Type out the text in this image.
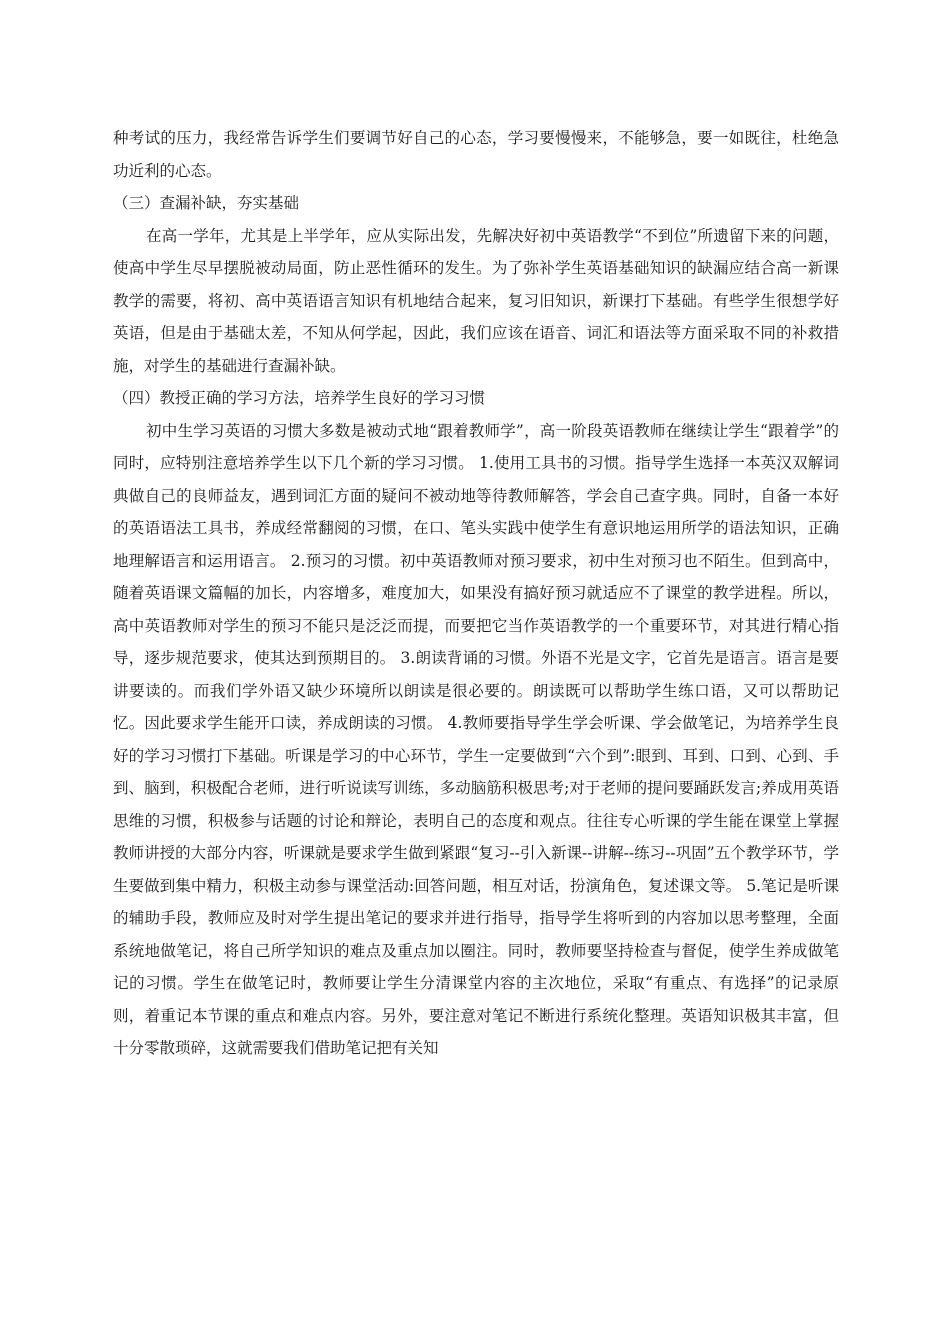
种考试的压力，我经常告诉学生们要调节好自己的心态，学习要慢慢来，不能够急，要一如既往，杜绝急功近利的心态。

（三）查漏补缺，夯实基础

在高一学年，尤其是上半学年，应从实际出发，先解决好初中英语教学“不到位”所遗留下来的问题，使高中学生尽早摆脱被动局面，防止恶性循环的发生。为了弥补学生英语基础知识的缺漏应结合高一新课教学的需要，将初、高中英语语言知识有机地结合起来，复习旧知识，新课打下基础。有些学生很想学好英语，但是由于基础太差，不知从何学起，因此，我们应该在语音、词汇和语法等方面采取不同的补救措施，对学生的基础进行查漏补缺。

（四）教授正确的学习方法，培养学生良好的学习习惯

初中生学习英语的习惯大多数是被动式地“跟着教师学”，高一阶段英语教师在继续让学生“跟着学”的同时，应特别注意培养学生以下几个新的学习习惯。 1.使用工具书的习惯。指导学生选择一本英汉双解词典做自己的良师益友，遇到词汇方面的疑问不被动地等待教师解答，学会自己查字典。同时，自备一本好的英语语法工具书，养成经常翻阅的习惯，在口、笔头实践中使学生有意识地运用所学的语法知识，正确地理解语言和运用语言。 2.预习的习惯。初中英语教师对预习要求，初中生对预习也不陌生。但到高中，随着英语课文篇幅的加长，内容增多，难度加大，如果没有搞好预习就适应不了课堂的教学进程。所以，高中英语教师对学生的预习不能只是泛泛而提，而要把它当作英语教学的一个重要环节，对其进行精心指导，逐步规范要求，使其达到预期目的。 3.朗读背诵的习惯。外语不光是文字，它首先是语言。语言是要讲要读的。而我们学外语又缺少环境所以朗读是很必要的。朗读既可以帮助学生练口语，又可以帮助记忆。因此要求学生能开口读，养成朗读的习惯。 4.教师要指导学生学会听课、学会做笔记，为培养学生良好的学习习惯打下基础。听课是学习的中心环节，学生一定要做到“六个到”:眼到、耳到、口到、心到、手到、脑到，积极配合老师，进行听说读写训练，多动脑筋积极思考;对于老师的提问要踊跃发言;养成用英语思维的习惯，积极参与话题的讨论和辩论，表明自己的态度和观点。往往专心听课的学生能在课堂上掌握教师讲授的大部分内容，听课就是要求学生做到紧跟“复习--引入新课--讲解--练习--巩固”五个教学环节，学生要做到集中精力，积极主动参与课堂活动:回答问题，相互对话，扮演角色，复述课文等。 5.笔记是听课的辅助手段，教师应及时对学生提出笔记的要求并进行指导，指导学生将听到的内容加以思考整理，全面系统地做笔记，将自己所学知识的难点及重点加以圈注。同时，教师要坚持检查与督促，使学生养成做笔记的习惯。学生在做笔记时，教师要让学生分清课堂内容的主次地位，采取“有重点、有选择”的记录原则，着重记本节课的重点和难点内容。另外，要注意对笔记不断进行系统化整理。英语知识极其丰富，但十分零散琐碎，这就需要我们借助笔记把有关知
